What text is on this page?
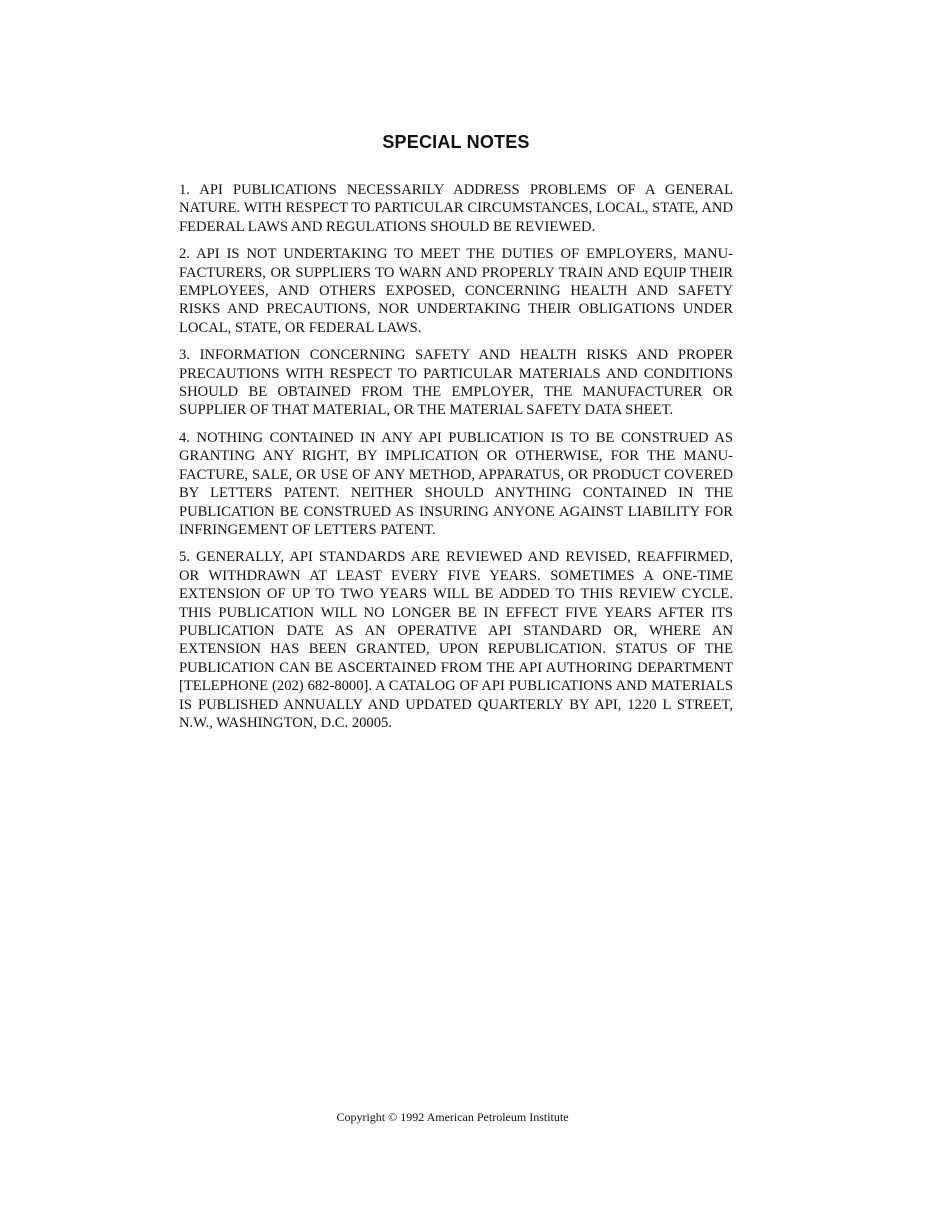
SPECIAL NOTES

1. API PUBLICATIONS NECESSARILY ADDRESS PROBLEMS OF A GENERAL NATURE. WITH RESPECT TO PARTICULAR CIRCUMSTANCES, LOCAL, STATE, AND FEDERAL LAWS AND REGULATIONS SHOULD BE REVIEWED.

2. API IS NOT UNDERTAKING TO MEET THE DUTIES OF EMPLOYERS, MANUFACTURERS, OR SUPPLIERS TO WARN AND PROPERLY TRAIN AND EQUIP THEIR EMPLOYEES, AND OTHERS EXPOSED, CONCERNING HEALTH AND SAFETY RISKS AND PRECAUTIONS, NOR UNDERTAKING THEIR OBLIGATIONS UNDER LOCAL, STATE, OR FEDERAL LAWS.

3. INFORMATION CONCERNING SAFETY AND HEALTH RISKS AND PROPER PRECAUTIONS WITH RESPECT TO PARTICULAR MATERIALS AND CONDITIONS SHOULD BE OBTAINED FROM THE EMPLOYER, THE MANUFACTURER OR SUPPLIER OF THAT MATERIAL, OR THE MATERIAL SAFETY DATA SHEET.

4. NOTHING CONTAINED IN ANY API PUBLICATION IS TO BE CONSTRUED AS GRANTING ANY RIGHT, BY IMPLICATION OR OTHERWISE, FOR THE MANUFACTURE, SALE, OR USE OF ANY METHOD, APPARATUS, OR PRODUCT COVERED BY LETTERS PATENT. NEITHER SHOULD ANYTHING CONTAINED IN THE PUBLICATION BE CONSTRUED AS INSURING ANYONE AGAINST LIABILITY FOR INFRINGEMENT OF LETTERS PATENT.

5. GENERALLY, API STANDARDS ARE REVIEWED AND REVISED, REAFFIRMED, OR WITHDRAWN AT LEAST EVERY FIVE YEARS. SOMETIMES A ONE-TIME EXTENSION OF UP TO TWO YEARS WILL BE ADDED TO THIS REVIEW CYCLE. THIS PUBLICATION WILL NO LONGER BE IN EFFECT FIVE YEARS AFTER ITS PUBLICATION DATE AS AN OPERATIVE API STANDARD OR, WHERE AN EXTENSION HAS BEEN GRANTED, UPON REPUBLICATION. STATUS OF THE PUBLICATION CAN BE ASCERTAINED FROM THE API AUTHORING DEPARTMENT [TELEPHONE (202) 682-8000]. A CATALOG OF API PUBLICATIONS AND MATERIALS IS PUBLISHED ANNUALLY AND UPDATED QUARTERLY BY API, 1220 L STREET, N.W., WASHINGTON, D.C. 20005.

Copyright © 1992 American Petroleum Institute
